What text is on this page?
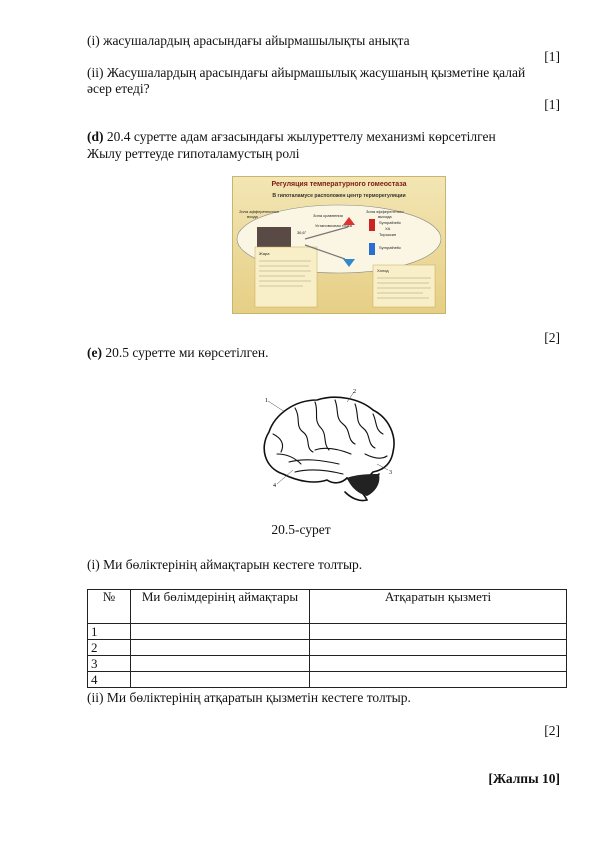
(i) жасушалардың арасындағы айырмашылықты анықта
[1]
(ii) Жасушалардың арасындағы айырмашылық жасушаның қызметіне қалай
әсер етеді?
[1]
(d) 20.4 суретте адам ағзасындағы жылуреттелу механизмі көрсетілген
Жылу реттеуде гипоталамустың ролі
Регуляция температурного гомеостаза
В гипоталамусе расположен центр терморегуляции
Зона афферентного
входа	Зона сравнения
Установочная точка
Зона эфферентного
выхода
36,6°
Sympathetic
ХА
Тироксин
Sympathetic
Жара
Холод
[2]
(e) 20.5 суретте ми көрсетілген.
1
2
3
4
20.5-сурет
(i) Ми бөліктерінің аймақтарын кестеге толтыр.
№	Ми бөлімдерінің аймақтары	Атқаратын қызметі
1		
2		
3		
4		
(ii) Ми бөліктерінің атқаратын қызметін кестеге толтыр.
[2]
[Жалпы 10]
